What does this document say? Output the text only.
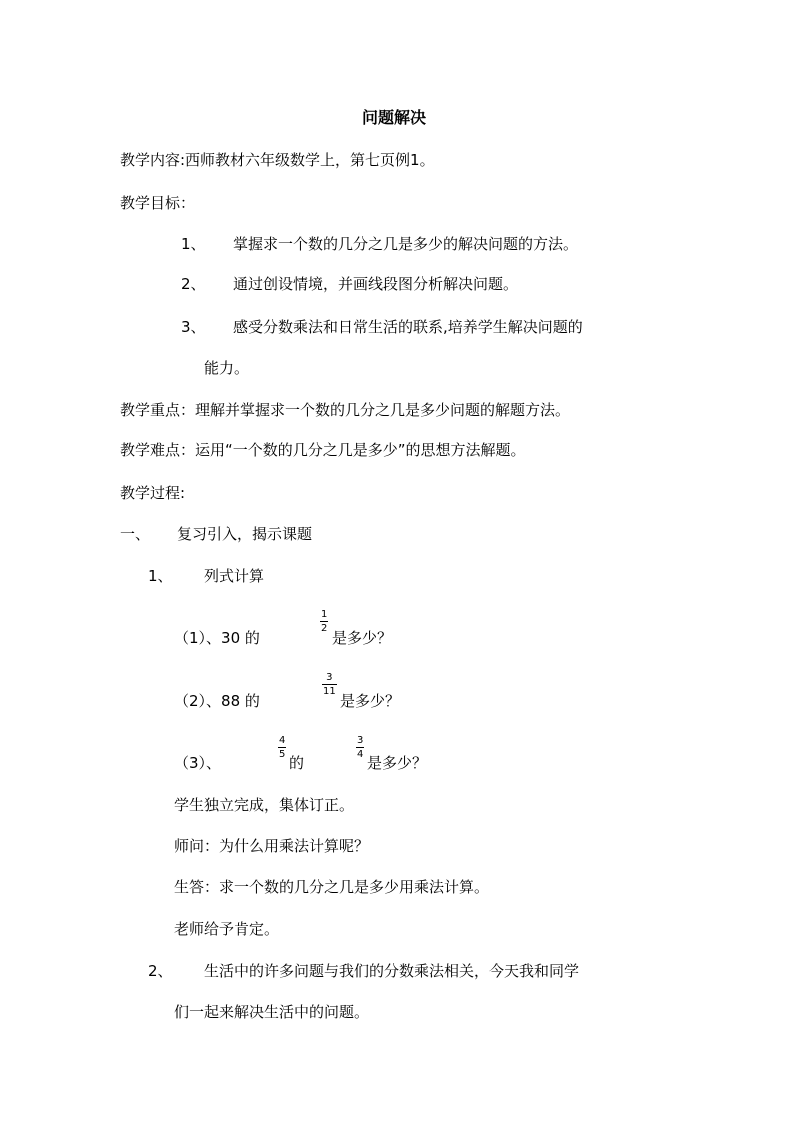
问题解决
教学内容:西师教材六年级数学上，第七页例1。
教学目标：
1、 掌握求一个数的几分之几是多少的解决问题的方法。
2、 通过创设情境，并画线段图分析解决问题。
3、 感受分数乘法和日常生活的联系,培养学生解决问题的
能力。
教学重点：理解并掌握求一个数的几分之几是多少问题的解题方法。
教学难点：运用“一个数的几分之几是多少”的思想方法解题。
教学过程:
一、 复习引入，揭示课题
1、 列式计算
（1）、30 的
1
2
是多少？
（2）、88 的
3
11
是多少？
（3）、
4
5 的
3
4 是多少？
学生独立完成，集体订正。
师问：为什么用乘法计算呢？
生答：求一个数的几分之几是多少用乘法计算。
老师给予肯定。
2、 生活中的许多问题与我们的分数乘法相关，今天我和同学
们一起来解决生活中的问题。
